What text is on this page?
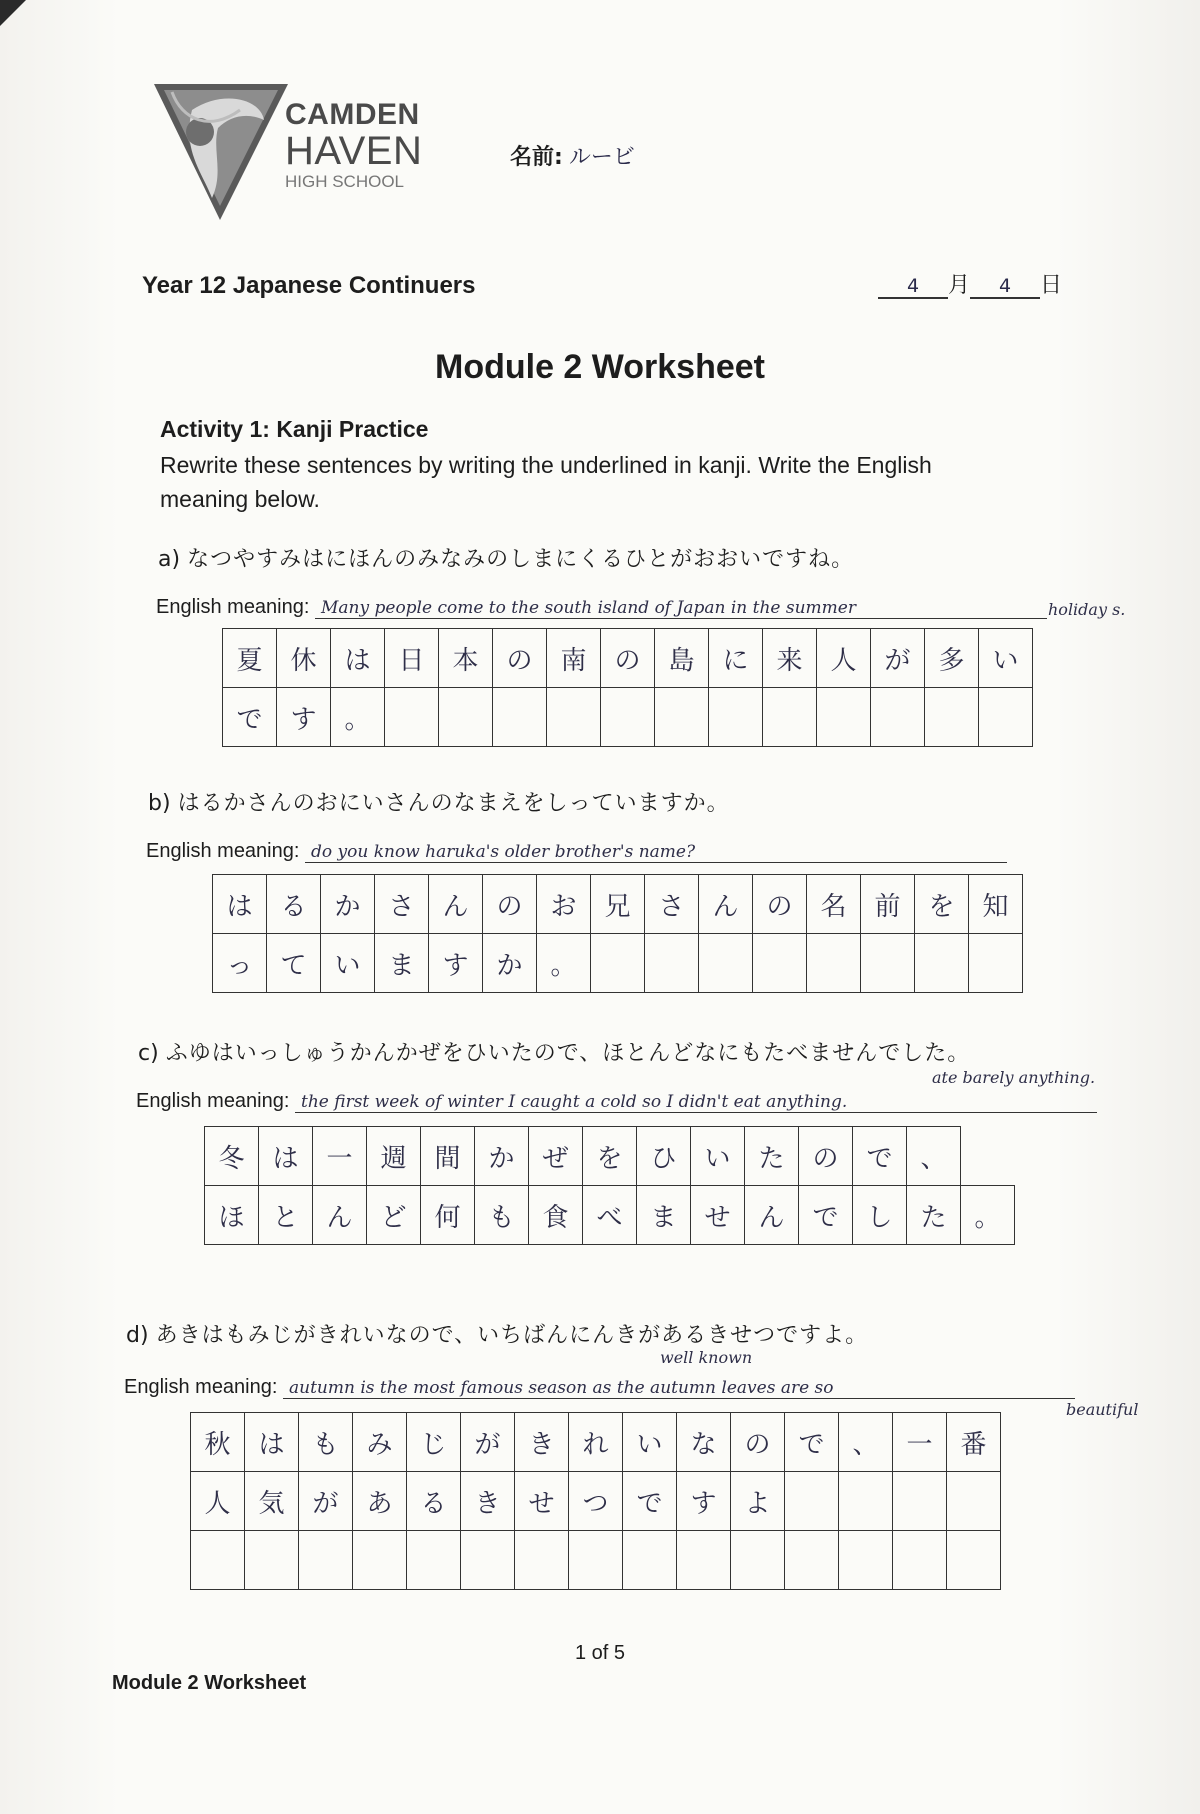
CAMDEN
HAVEN
HIGH SCHOOL
名前: ルービ
Year 12 Japanese Continuers	4 月 4 日
Module 2 Worksheet
Activity 1: Kanji Practice
Rewrite these sentences by writing the underlined in kanji. Write the English meaning below.
a) なつやすみはにほんのみなみのしまにくるひとがおおいですね。
English meaning: Many people come to the south island of Japan in the summer	holiday s.
夏	休	は	日	本	の	南	の	島	に	来	人	が	多	い
で	す	。												
b) はるかさんのおにいさんのなまえをしっていますか。
English meaning: do you know haruka's older brother's name?
は	る	か	さ	ん	の	お	兄	さ	ん	の	名	前	を	知
っ	て	い	ま	す	か	。								
c) ふゆはいっしゅうかんかぜをひいたので、ほとんどなにもたべませんでした。
English meaning: the first week of winter I caught a cold so I didn't eat anything.
ate barely anything.
冬	は	一	週	間	か	ぜ	を	ひ	い	た	の	で	、	
ほ	と	ん	ど	何	も	食	べ	ま	せ	ん	で	し	た	。
d) あきはもみじがきれいなので、いちばんにんきがあるきせつですよ。
well known
English meaning: autumn is the most famous season as the autumn leaves are so
beautiful
秋	は	も	み	じ	が	き	れ	い	な	の	で	、	一	番
人	気	が	あ	る	き	せ	つ	で	す	よ				

1 of 5
Module 2 Worksheet
